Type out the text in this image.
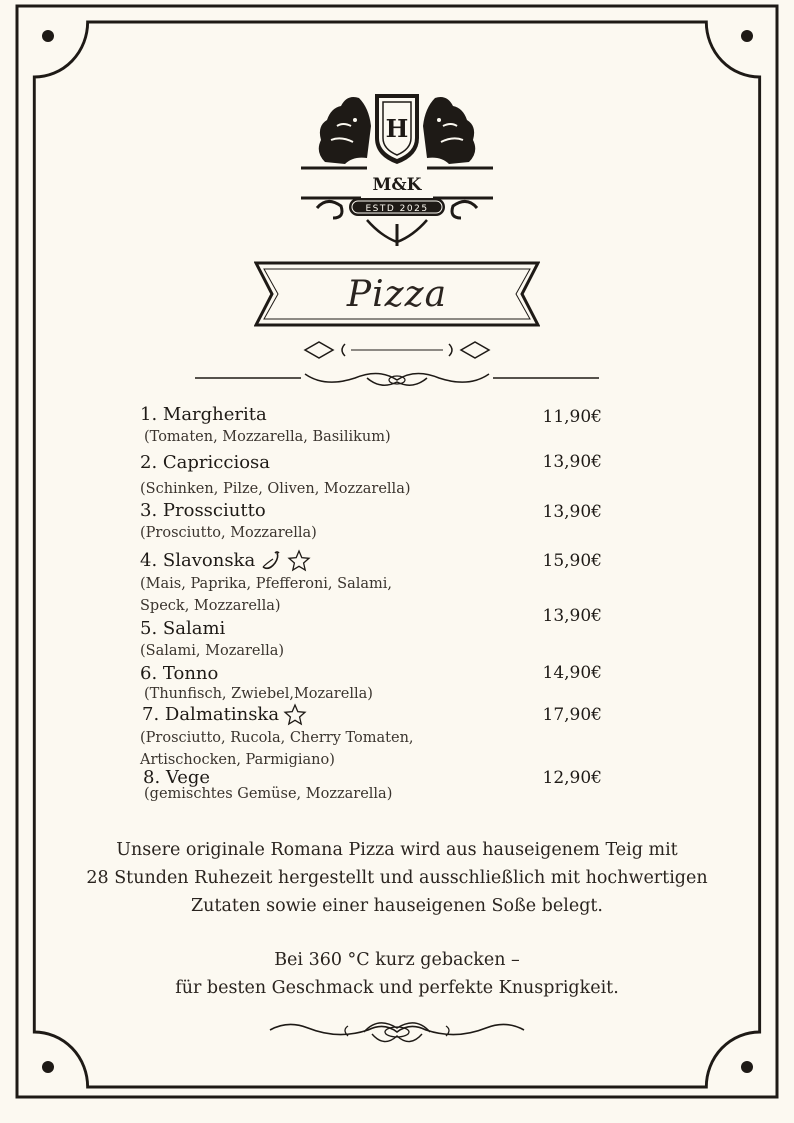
H
M&K
ESTD 2025
Pizza
1. Margherita
(Tomaten, Mozzarella, Basilikum)
11,90€
2. Capricciosa
(Schinken, Pilze, Oliven, Mozzarella)
13,90€
3. Prossciutto
(Prosciutto, Mozzarella)
13,90€
4. Slavonska
(Mais, Paprika, Pfefferoni, Salami, Speck, Mozzarella)
15,90€
5. Salami
(Salami, Mozarella)
13,90€
6. Tonno
(Thunfisch, Zwiebel,Mozarella)
14,90€
7. Dalmatinska
(Prosciutto, Rucola, Cherry Tomaten, Artischocken, Parmigiano)
17,90€
8. Vege
(gemischtes Gemüse, Mozzarella)
12,90€
Unsere originale Romana Pizza wird aus hauseigenem Teig mit
28 Stunden Ruhezeit hergestellt und ausschließlich mit hochwertigen
Zutaten sowie einer hauseigenen Soße belegt.
Bei 360 °C kurz gebacken –
für besten Geschmack und perfekte Knusprigkeit.
